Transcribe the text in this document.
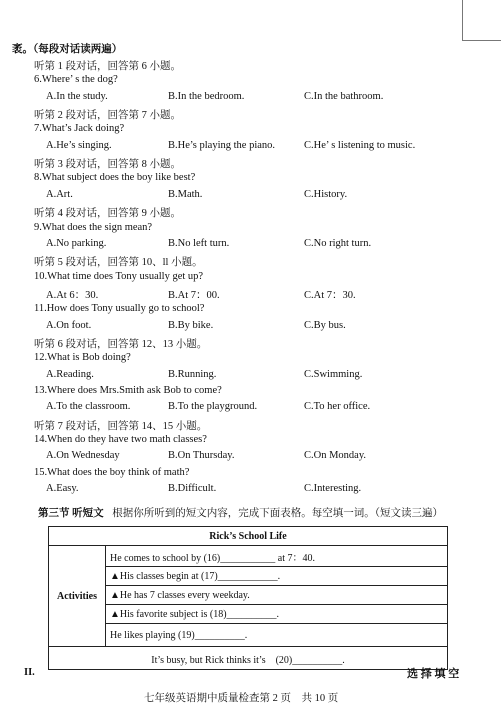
袤。（每段对话读两遍）
听第 1 段对话，回答第 6 小题。
6.Where’ s the dog?
A.In the study.	B.In the bedroom.	C.In the bathroom.
听第 2 段对话，回答第 7 小题。
7.What’s Jack doing?
A.He’s singing.	B.He’s playing the piano.	C.He’ s listening to music.
听第 3 段对话，回答第 8 小题。
8.What subject does the boy like best?
A.Art.	B.Math.	C.History.
听第 4 段对话，回答第 9 小题。
9.What does the sign mean?
A.No parking.	B.No left turn.	C.No right turn.
听第 5 段对话，回答第 10、ll 小题。
10.What time does Tony usually get up?
A.At 6：30.	B.At 7：00.	C.At 7：30.
11.How does Tony usually go to school?
A.On foot.	B.By bike.	C.By bus.
听第 6 段对话，回答第 12、13 小题。
12.What is Bob doing?
A.Reading.	B.Running.	C.Swimming.
13.Where does Mrs.Smith ask Bob to come?
A.To the classroom.	B.To the playground.	C.To her office.
听第 7 段对话，回答第 14、15 小题。
14.When do they have two math classes?
A.On Wednesday	B.On Thursday.	C.On Monday.
15.What does the boy think of math?
A.Easy.	B.Difficult.	C.Interesting.
第三节 听短文 根据你所听到的短文内容，完成下面表格。每空填一词。（短文读三遍）
Rick’s School Life
Activities	He comes to school by (16)___________ at 7：40.
▲His classes begin at (17)____________.
▲He has 7 classes every weekday.
▲His favorite subject is (18)__________.
He likes playing (19)__________.
It’s busy, but Rick thinks it’s　(20)__________.
II.	选 择 填 空
七年级英语期中质量检查第 2 页　共 10 页
